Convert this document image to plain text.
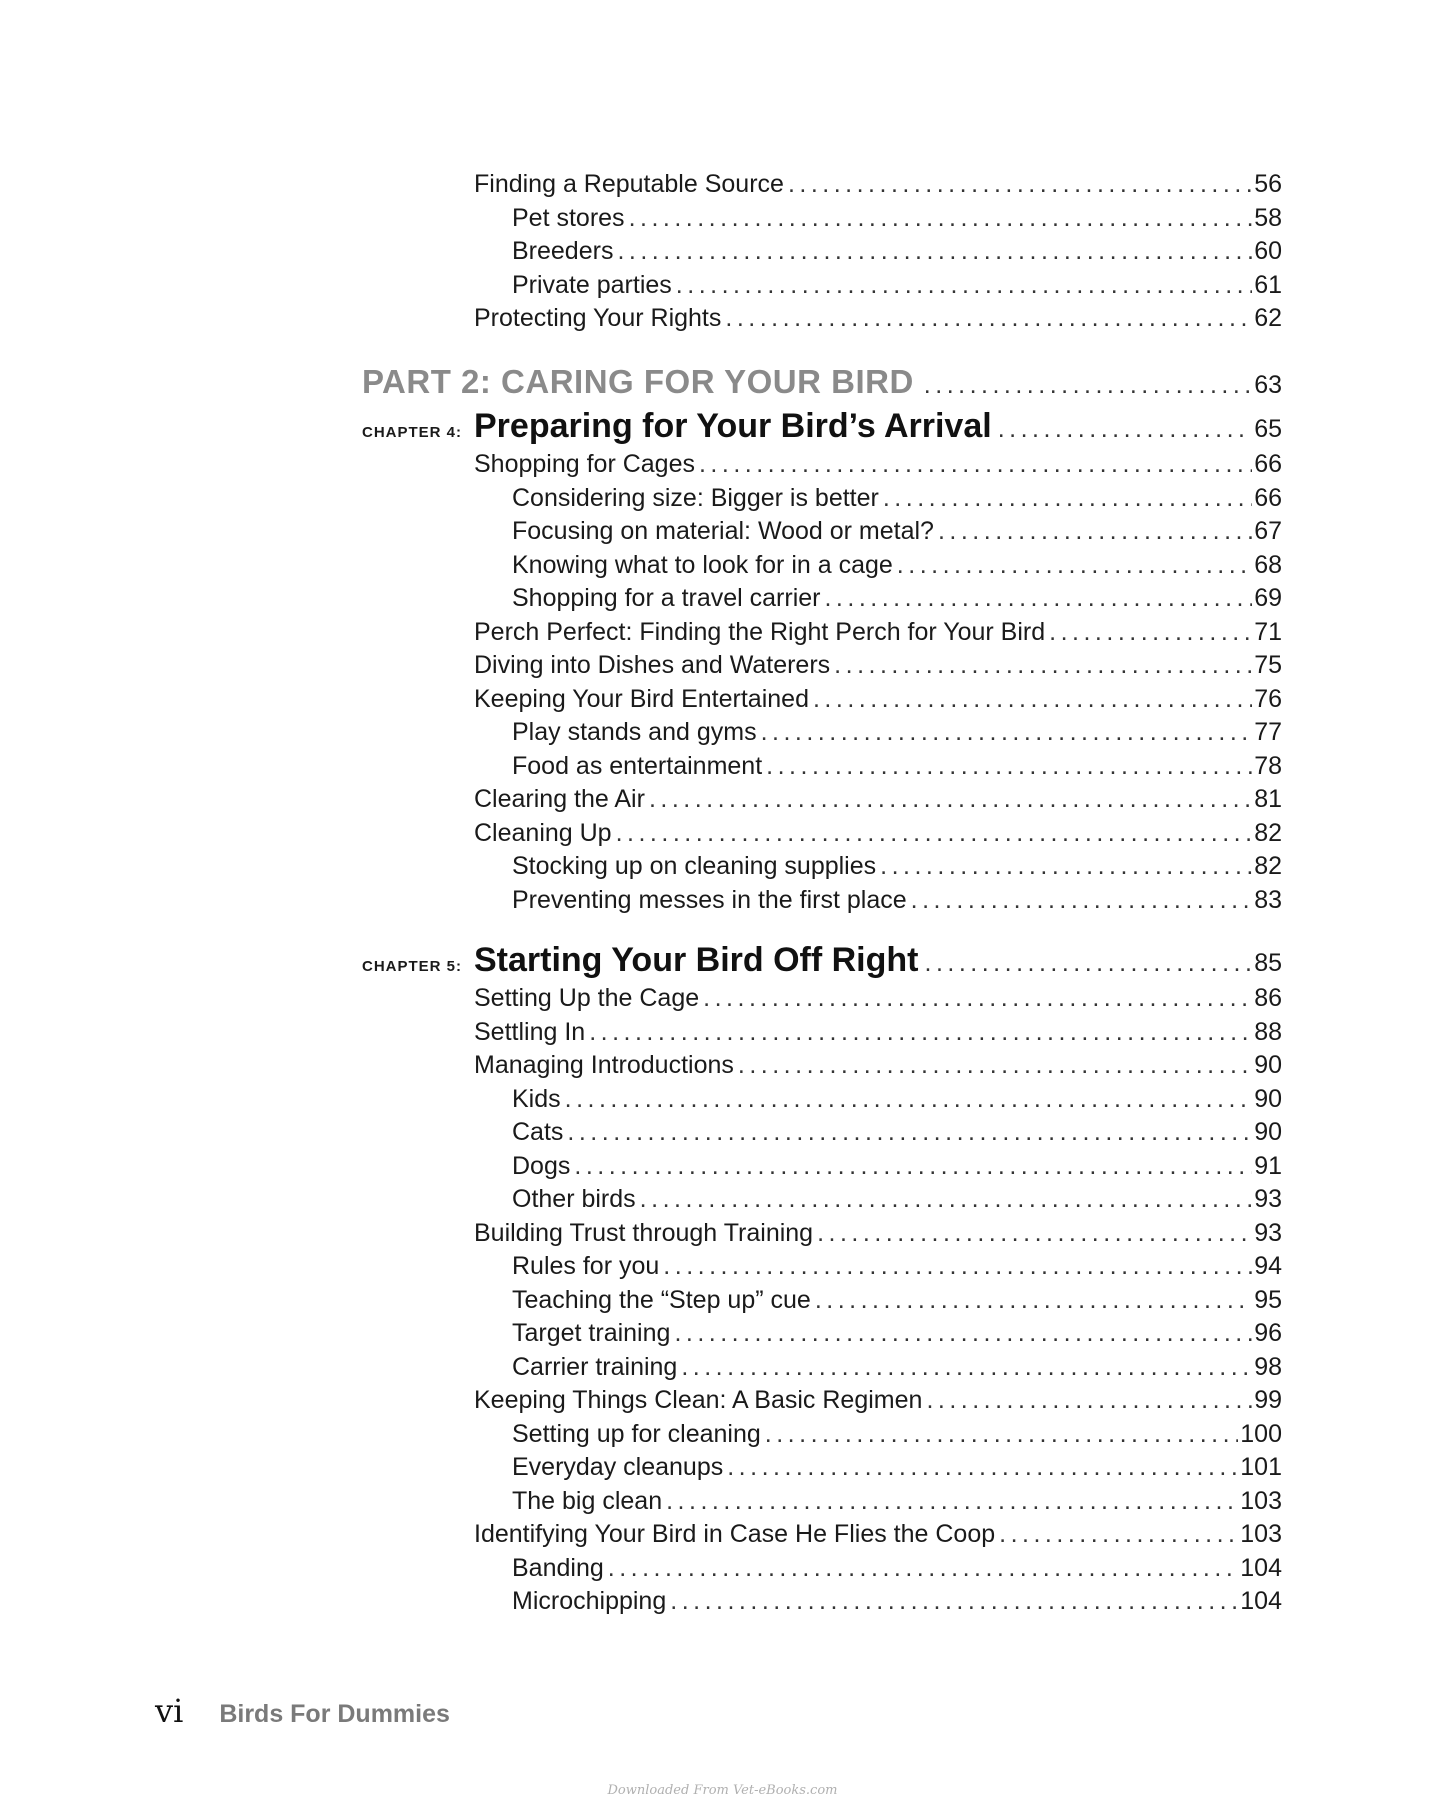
Finding a Reputable Source .....	56
Pet stores .....	58
Breeders .....	60
Private parties .....	61
Protecting Your Rights .....	62
PART 2: CARING FOR YOUR BIRD .....	63
CHAPTER 4: Preparing for Your Bird’s Arrival .....	65
Shopping for Cages .....	66
Considering size: Bigger is better .....	66
Focusing on material: Wood or metal? .....	67
Knowing what to look for in a cage .....	68
Shopping for a travel carrier .....	69
Perch Perfect: Finding the Right Perch for Your Bird .....	71
Diving into Dishes and Waterers .....	75
Keeping Your Bird Entertained .....	76
Play stands and gyms .....	77
Food as entertainment .....	78
Clearing the Air .....	81
Cleaning Up .....	82
Stocking up on cleaning supplies .....	82
Preventing messes in the first place .....	83
CHAPTER 5: Starting Your Bird Off Right .....	85
Setting Up the Cage .....	86
Settling In .....	88
Managing Introductions .....	90
Kids .....	90
Cats .....	90
Dogs .....	91
Other birds .....	93
Building Trust through Training .....	93
Rules for you .....	94
Teaching the “Step up” cue .....	95
Target training .....	96
Carrier training .....	98
Keeping Things Clean: A Basic Regimen .....	99
Setting up for cleaning .....	100
Everyday cleanups .....	101
The big clean .....	103
Identifying Your Bird in Case He Flies the Coop .....	103
Banding .....	104
Microchipping .....	104
vi Birds For Dummies
Downloaded From Vet-eBooks.com
